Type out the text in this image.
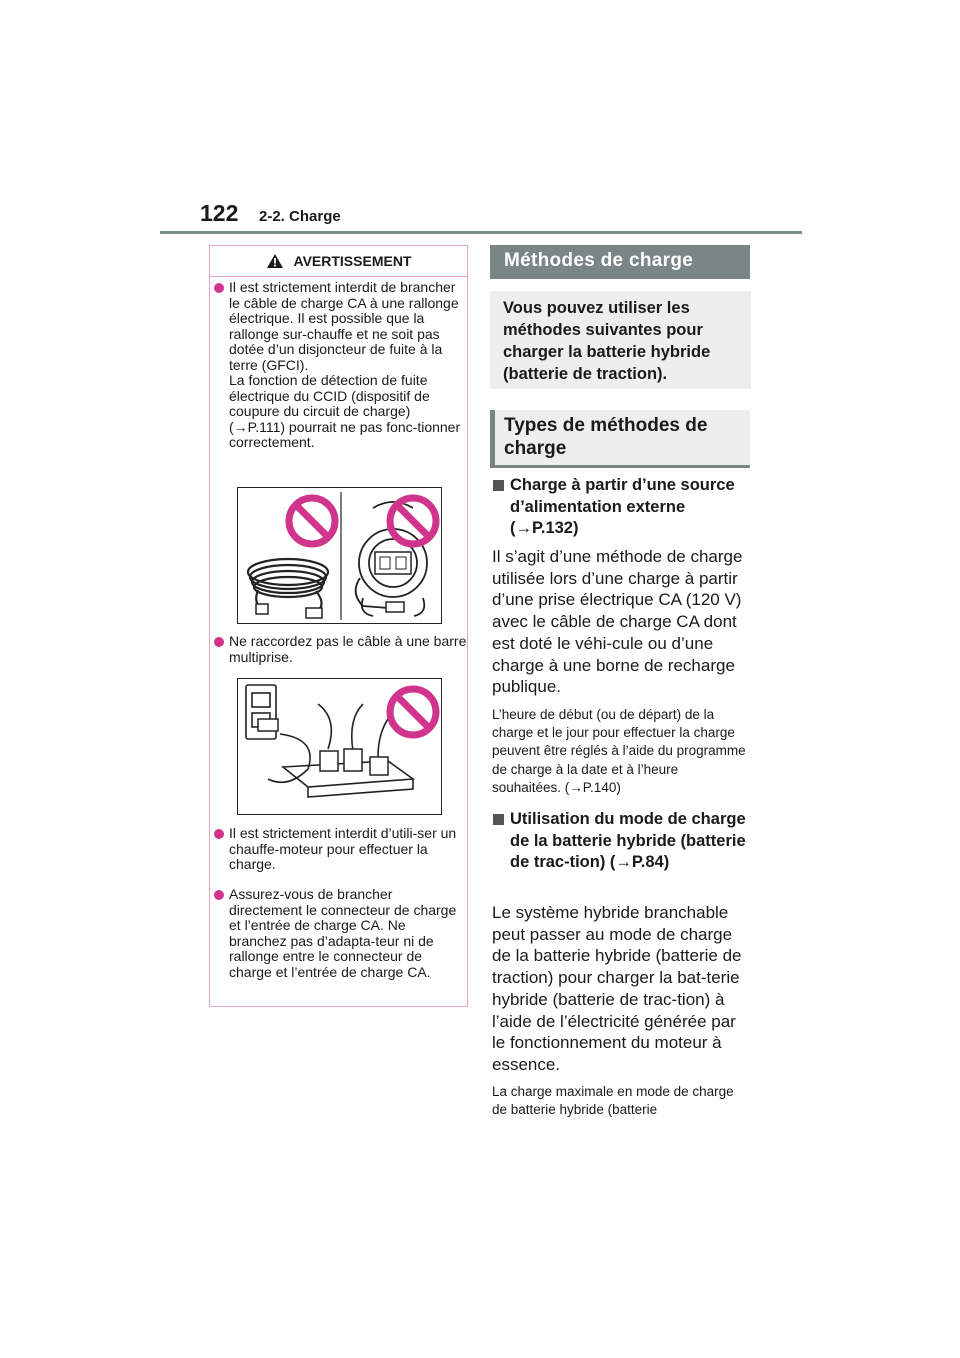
122 2-2. Charge
AVERTISSEMENT
Il est strictement interdit de brancher le câble de charge CA à une rallonge électrique. Il est possible que la rallonge sur-chauffe et ne soit pas dotée d’un disjoncteur de fuite à la terre (GFCI).
La fonction de détection de fuite électrique du CCID (dispositif de coupure du circuit de charge) (→P.111) pourrait ne pas fonc-tionner correctement.
Ne raccordez pas le câble à une barre multiprise.
Il est strictement interdit d’utili-ser un chauffe-moteur pour effectuer la charge.
Assurez-vous de brancher directement le connecteur de charge et l’entrée de charge CA. Ne branchez pas d’adapta-teur ni de rallonge entre le connecteur de charge et l’entrée de charge CA.
Méthodes de charge
Vous pouvez utiliser les méthodes suivantes pour charger la batterie hybride (batterie de traction).
Types de méthodes de charge
Charge à partir d’une source d’alimentation externe (→P.132)
Il s’agit d’une méthode de charge utilisée lors d’une charge à partir d’une prise électrique CA (120 V) avec le câble de charge CA dont est doté le véhi-cule ou d’une charge à une borne de recharge publique.
L’heure de début (ou de départ) de la charge et le jour pour effectuer la charge peuvent être réglés à l’aide du programme de charge à la date et à l’heure souhaitées. (→P.140)
Utilisation du mode de charge de la batterie hybride (batterie de trac-tion) (→P.84)
Le système hybride branchable peut passer au mode de charge de la batterie hybride (batterie de traction) pour charger la bat-terie hybride (batterie de trac-tion) à l’aide de l’électricité générée par le fonctionnement du moteur à essence.
La charge maximale en mode de charge de batterie hybride (batterie
